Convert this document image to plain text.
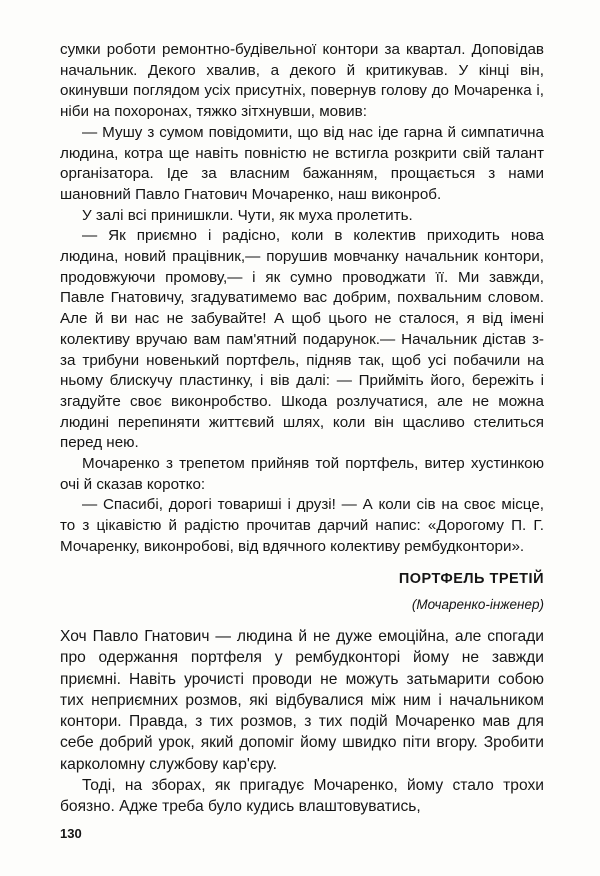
сумки роботи ремонтно-будівельної контори за квартал. Доповідав начальник. Декого хвалив, а декого й критикував. У кінці він, окинувши поглядом усіх присутніх, повернув голову до Мочаренка і, ніби на похоронах, тяжко зітхнувши, мовив:

— Мушу з сумом повідомити, що від нас іде гарна й симпатична людина, котра ще навіть повністю не встигла розкрити свій талант організатора. Іде за власним бажанням, прощається з нами шановний Павло Гнатович Мочаренко, наш виконроб.

У залі всі принишкли. Чути, як муха пролетить.

— Як приємно і радісно, коли в колектив приходить нова людина, новий працівник,— порушив мовчанку начальник контори, продовжуючи промову,— і як сумно проводжати її. Ми завжди, Павле Гнатовичу, згадуватимемо вас добрим, похвальним словом. Але й ви нас не забувайте! А щоб цього не сталося, я від імені колективу вручаю вам пам'ятний подарунок.— Начальник дістав з-за трибуни новенький портфель, підняв так, щоб усі побачили на ньому блискучу пластинку, і вів далі: — Прийміть його, бережіть і згадуйте своє виконробство. Шкода розлучатися, але не можна людині перепиняти життєвий шлях, коли він щасливо стелиться перед нею.

Мочаренко з трепетом прийняв той портфель, витер хустинкою очі й сказав коротко:

— Спасибі, дорогі товариші і друзі! — А коли сів на своє місце, то з цікавістю й радістю прочитав дарчий напис: «Дорогому П. Г. Мочаренку, виконробові, від вдячного колективу рембудконтори».

ПОРТФЕЛЬ ТРЕТІЙ
(Мочаренко-інженер)

Хоч Павло Гнатович — людина й не дуже емоційна, але спогади про одержання портфеля у рембудконторі йому не завжди приємні. Навіть урочисті проводи не можуть затьмарити собою тих неприємних розмов, які відбувалися між ним і начальником контори. Правда, з тих розмов, з тих подій Мочаренко мав для себе добрий урок, який допоміг йому швидко піти вгору. Зробити карколомну службову кар'єру.

Тоді, на зборах, як пригадує Мочаренко, йому стало трохи боязно. Адже треба було кудись влаштовуватись,

130
